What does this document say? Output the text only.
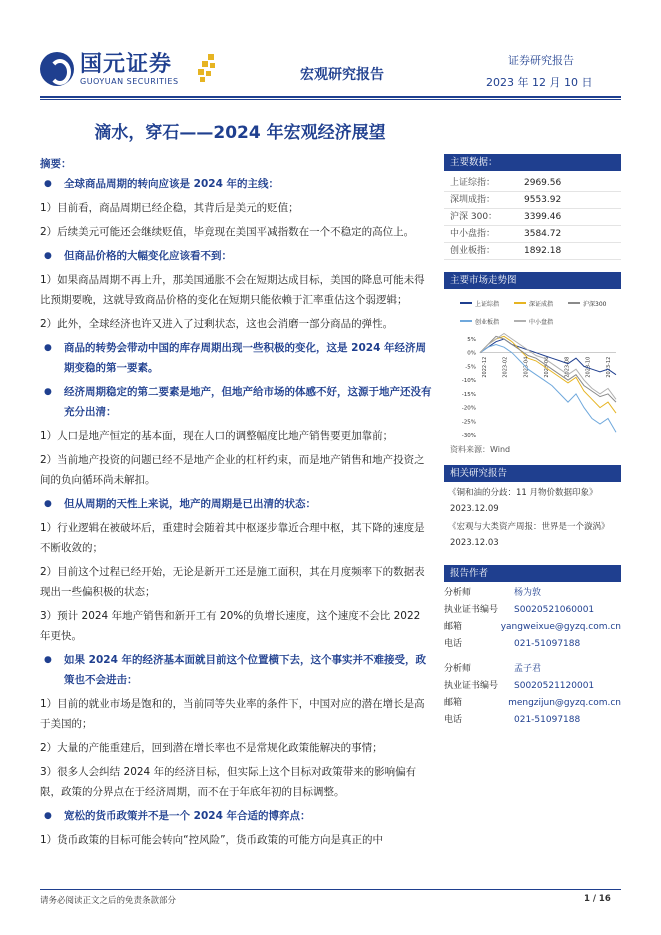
国元证券
GUOYUAN SECURITIES	宏观研究报告
证券研究报告
2023 年 12 月 10 日
滴水，穿石——2024 年宏观经济展望
摘要：
● 全球商品周期的转向应该是 2024 年的主线：
1）目前看，商品周期已经企稳，其背后是美元的贬值；
2）后续美元可能还会继续贬值，毕竟现在美国平减指数在一个不稳定的高位上。
● 但商品价格的大幅变化应该看不到：
1）如果商品周期不再上升，那美国通胀不会在短期达成目标，美国的降息可能未得比预期要晚，这就导致商品价格的变化在短期只能依赖于汇率重估这个弱逻辑；
2）此外，全球经济也许又进入了过剩状态，这也会消磨一部分商品的弹性。
● 商品的转势会带动中国的库存周期出现一些积极的变化，这是 2024 年经济周期变稳的第一要素。
● 经济周期稳定的第二要素是地产，但地产给市场的体感不好，这源于地产还没有充分出清：
1）人口是地产恒定的基本面，现在人口的调整幅度比地产销售要更加靠前；
2）当前地产投资的问题已经不是地产企业的杠杆约束，而是地产销售和地产投资之间的负向循环尚未解扣。
● 但从周期的天性上来说，地产的周期是已出清的状态：
1）行业逻辑在被破坏后，重建时会随着其中枢逐步靠近合理中枢，其下降的速度是不断收敛的；
2）目前这个过程已经开始，无论是新开工还是施工面积，其在月度频率下的数据表现出一些偏积极的状态；
3）预计 2024 年地产销售和新开工有 20%的负增长速度，这个速度不会比 2022 年更快。
● 如果 2024 年的经济基本面就目前这个位置横下去，这个事实并不难接受，政策也不会进击：
1）目前的就业市场是饱和的，当前同等失业率的条件下，中国对应的潜在增长是高于美国的；
2）大量的产能重建后，回到潜在增长率也不是常规化政策能解决的事情；
3）很多人会纠结 2024 年的经济目标，但实际上这个目标对政策带来的影响偏有限，政策的分界点在于经济周期，而不在于年底年初的目标调整。
● 宽松的货币政策并不是一个 2024 年合适的博弈点：
1）货币政策的目标可能会转向“控风险”，货币政策的可能方向是真正的中
主要数据：
上证综指：	2969.56
深圳成指：	9553.92
沪深 300：	3399.46
中小盘指：	3584.72
创业板指：	1892.18
主要市场走势图
上证综指	深证成指	沪深300
创业板指	中小盘指
5%
0%
-5%
-10%
-15%
-20%
-25%
-30%
2022-12	2023-02	2023-04	2023-06	2023-08	2023-10	2023-12
资料来源：Wind
相关研究报告
《铜和油的分歧：11 月物价数据印象》
2023.12.09
《宏观与大类资产周报：世界是一个漩涡》
2023.12.03
报告作者
分析师	杨为敦
执业证书编号	S0020521060001
邮箱	yangweixue@gyzq.com.cn
电话	021-51097188
分析师	孟子君
执业证书编号	S0020521120001
邮箱	mengzijun@gyzq.com.cn
电话	021-51097188
请务必阅读正文之后的免责条款部分	1 / 16
